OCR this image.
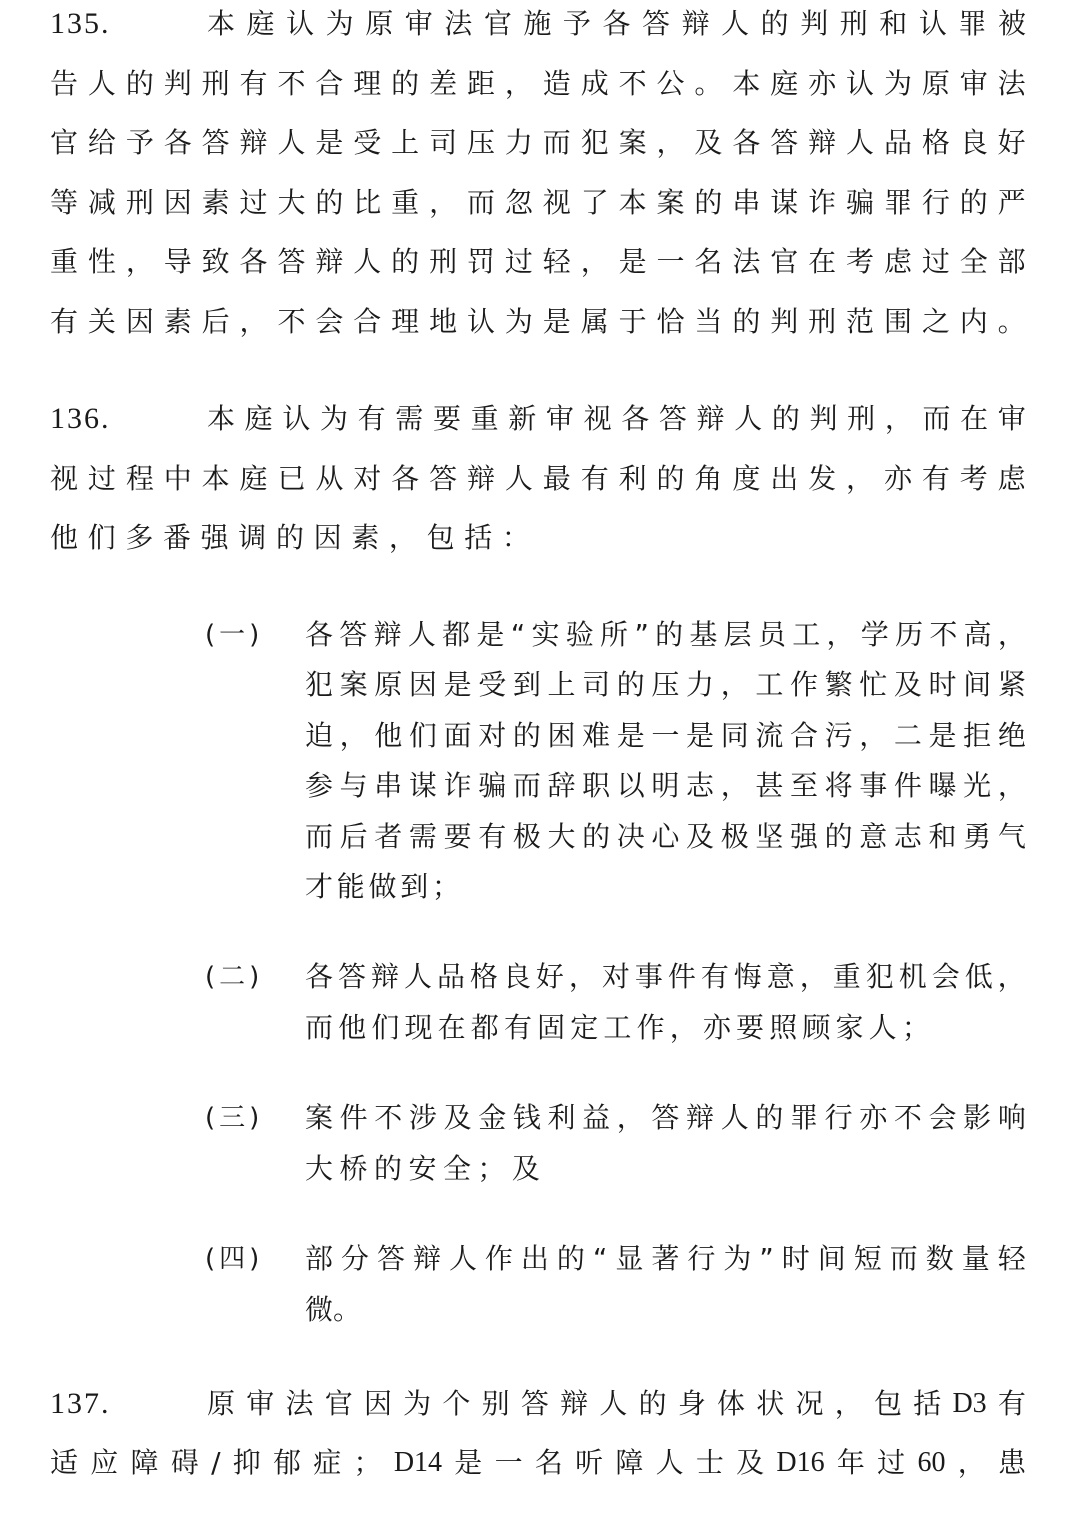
135.	本 庭 认 为 原 审 法 官 施 予 各 答 辩 人 的 判 刑 和 认 罪 被
告 人 的 判 刑 有 不 合 理 的 差 距 ， 造 成 不 公 。 本 庭 亦 认 为 原 审 法
官 给 予 各 答 辩 人 是 受 上 司 压 力 而 犯 案 ， 及 各 答 辩 人 品 格 良 好
等 减 刑 因 素 过 大 的 比 重 ， 而 忽 视 了 本 案 的 串 谋 诈 骗 罪 行 的 严
重 性 ， 导 致 各 答 辩 人 的 刑 罚 过 轻 ， 是 一 名 法 官 在 考 虑 过 全 部
有 关 因 素 后 ， 不 会 合 理 地 认 为 是 属 于 恰 当 的 判 刑 范 围 之 内 。
136.	本 庭 认 为 有 需 要 重 新 审 视 各 答 辩 人 的 判 刑 ， 而 在 审
视 过 程 中 本 庭 已 从 对 各 答 辩 人 最 有 利 的 角 度 出 发 ， 亦 有 考 虑
他 们 多 番 强 调 的 因 素 ， 包 括 ：
(一) 各 答 辩 人 都 是 “ 实 验 所 ” 的 基 层 员 工 ， 学 历 不 高 ，
犯 案 原 因 是 受 到 上 司 的 压 力 ， 工 作 繁 忙 及 时 间 紧
迫 ， 他 们 面 对 的 困 难 是 一 是 同 流 合 污 ， 二 是 拒 绝
参 与 串 谋 诈 骗 而 辞 职 以 明 志 ， 甚 至 将 事 件 曝 光 ，
而 后 者 需 要 有 极 大 的 决 心 及 极 坚 强 的 意 志 和 勇 气
才 能 做 到 ；
(二) 各 答 辩 人 品 格 良 好 ， 对 事 件 有 悔 意 ， 重 犯 机 会 低 ，
而 他 们 现 在 都 有 固 定 工 作 ， 亦 要 照 顾 家 人 ；
(三) 案 件 不 涉 及 金 钱 利 益 ， 答 辩 人 的 罪 行 亦 不 会 影 响
大 桥 的 安 全 ； 及
(四) 部 分 答 辩 人 作 出 的 “ 显 著 行 为 ” 时 间 短 而 数 量 轻
微 。
137.	原 审 法 官 因 为 个 别 答 辩 人 的 身 体 状 况 ， 包 括 D3 有
适 应 障 碍 / 抑 郁 症 ； D14 是 一 名 听 障 人 士 及 D16 年 过 60 ， 患
